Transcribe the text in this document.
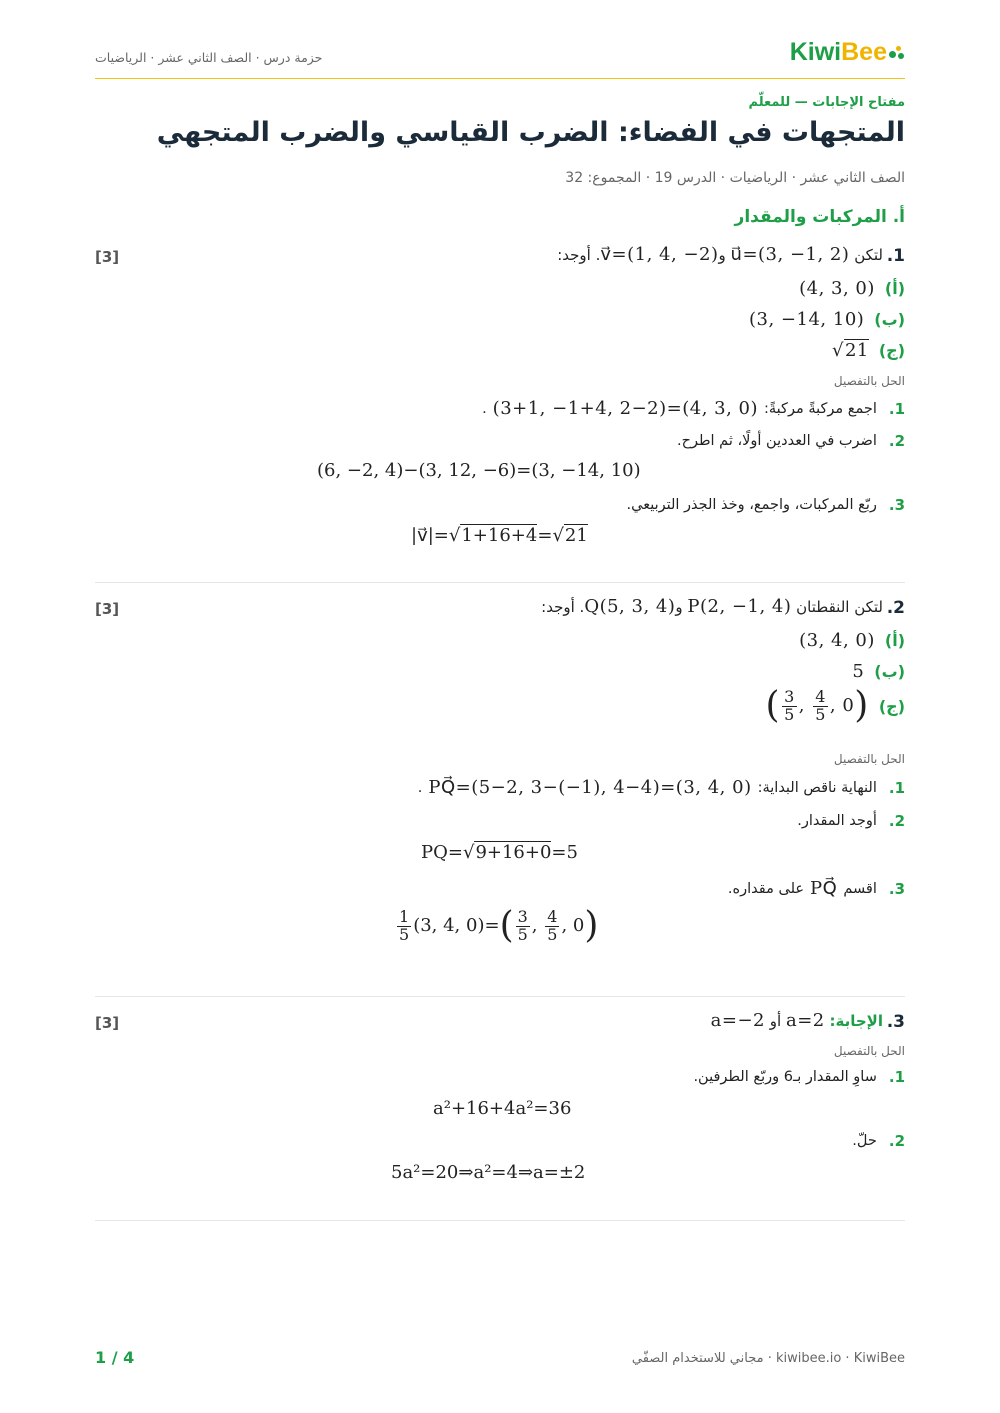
KiwiBee
حزمة درس · الصف الثاني عشر · الرياضيات
مفتاح الإجابات — للمعلّم
المتجهات في الفضاء: الضرب القياسي والضرب المتجهي
الصف الثاني عشر · الرياضيات · الدرس 19 · المجموع: 32
أ. المركبات والمقدار
1.
لتكن u⃗=(3, −1, 2) وv⃗=(1, 4, −2). أوجد:
[3]
(أ)
(4, 3, 0)
(ب)
(3, −14, 10)
(ج)
√21
الحل بالتفصيل
1.
اجمع مركبةً مركبةً:
(3+1, −1+4, 2−2)=(4, 3, 0)
.
2.
اضرب في العددين أولًا، ثم اطرح.
(6, −2, 4)−(3, 12, −6)=(3, −14, 10)
3.
ربّع المركبات، واجمع، وخذ الجذر التربيعي.
|v⃗|=√1+16+4=√21
2.
لتكن النقطتان P(2, −1, 4) وQ(5, 3, 4). أوجد:
[3]
(أ)
(3, 4, 0)
(ب)
5
(ج)
( $\frac{3}{5}$ , $\frac{4}{5}$ , 0)
الحل بالتفصيل
1.
النهاية ناقص البداية:
PQ⃗=(5−2, 3−(−1), 4−4)=(3, 4, 0)
.
2.
أوجد المقدار.
PQ=√9+16+0=5
3.
اقسم
PQ⃗
على مقداره.
$\frac{1}{5} (3$, 4, $0)=( \frac{3}{5}$ , $\frac{4}{5}$ , 0)
3.
الإجابة: a=2 أو a=−2
[3]
الحل بالتفصيل
1.
ساوِ المقدار بـ6 وربّع الطرفين.
a²+16+4a²=36
2.
حلّ.
5a²=20⇒a²=4⇒a=±2
1 / 4	kiwibee.io · KiwiBee · مجاني للاستخدام الصفّي
